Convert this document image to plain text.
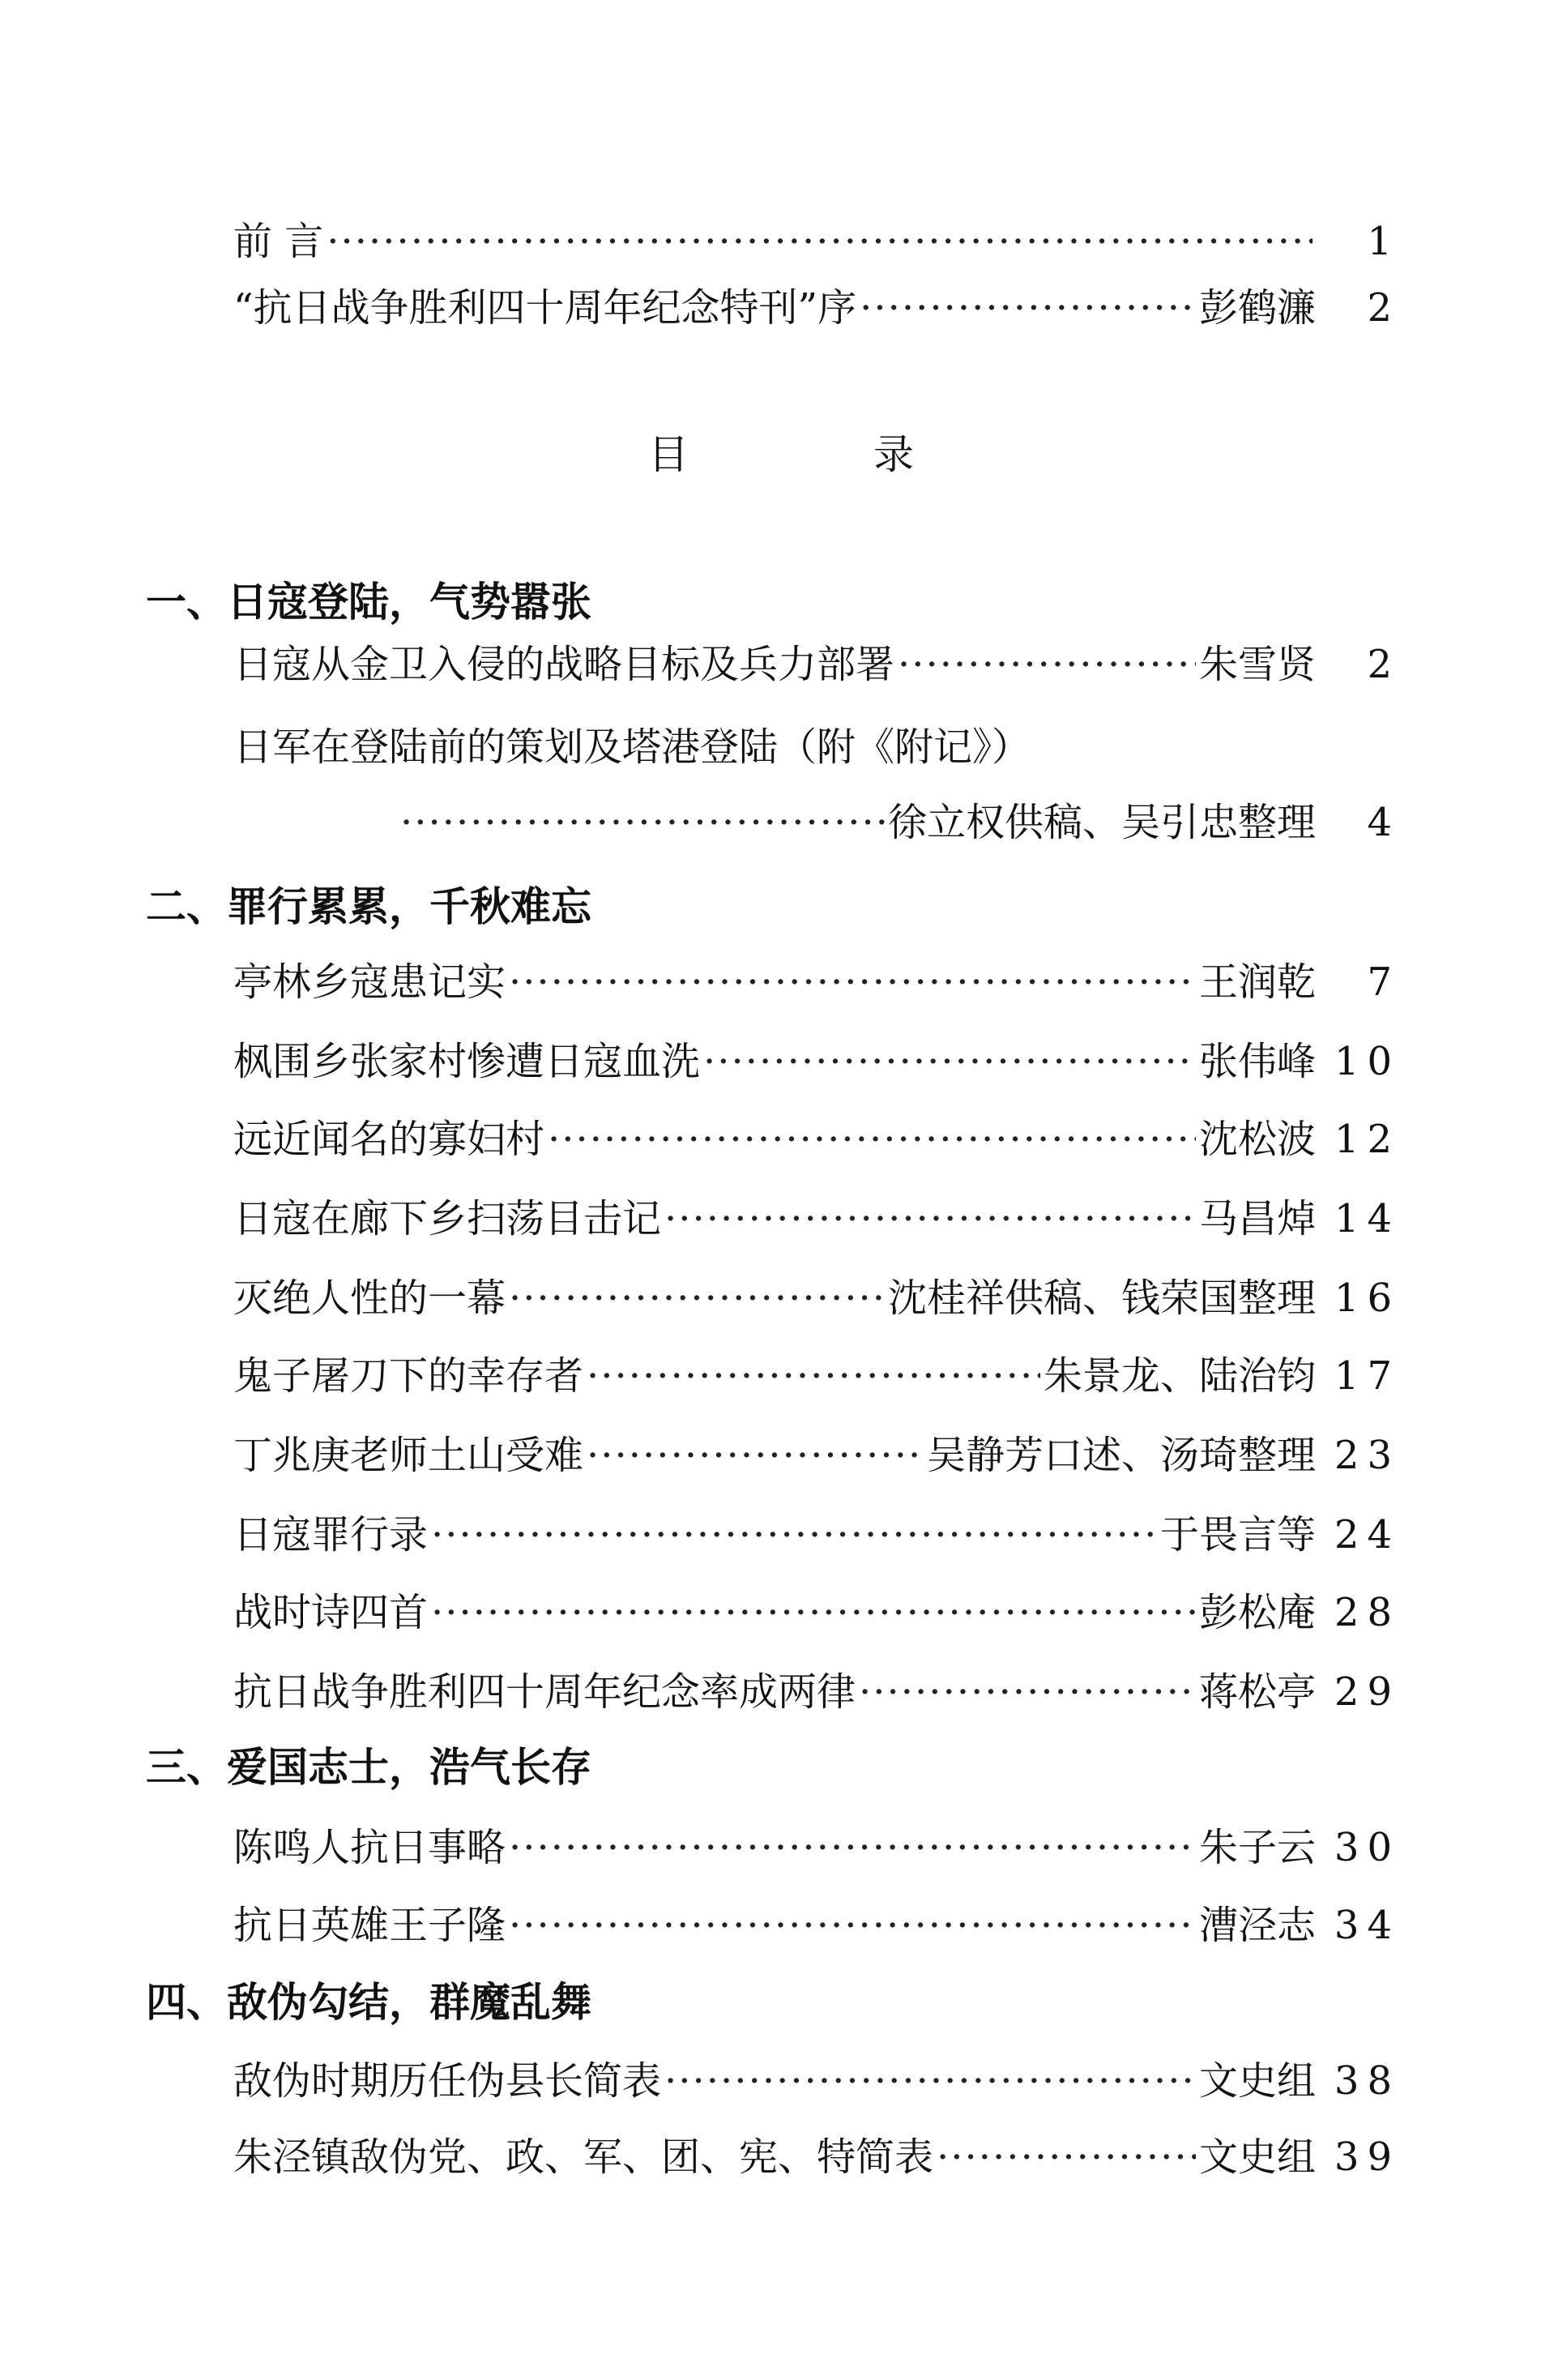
前 言 ·····	1
“抗日战争胜利四十周年纪念特刊”序 ·····	彭鹤濂	2
目	录
一、日寇登陆，气势嚣张
日寇从金卫入侵的战略目标及兵力部署 ·····	朱雪贤	2
日军在登陆前的策划及塔港登陆（附《附记》）
·····
徐立权供稿、吴引忠整理	4
二、罪行累累，千秋难忘
亭林乡寇患记实 ·····	王润乾	7
枫围乡张家村惨遭日寇血洗 ·····	张伟峰 10
远近闻名的寡妇村 ·····	沈松波 12
日寇在廊下乡扫荡目击记 ·····	马昌焯 14
灭绝人性的一幕 ·····	沈桂祥供稿、钱荣国整理 16
鬼子屠刀下的幸存者 ·····	朱景龙、陆治钧 17
丁兆庚老师土山受难 ·····	吴静芳口述、汤琦整理 23
日寇罪行录 ·····	于畏言等 24
战时诗四首 ·····	彭松庵 28
抗日战争胜利四十周年纪念率成两律 ·····	蒋松亭 29
三、爱国志士，浩气长存
陈鸣人抗日事略 ·····	朱子云 30
抗日英雄王子隆 ·····	漕泾志 34
四、敌伪勾结，群魔乱舞
敌伪时期历任伪县长简表 ·····	文史组 38
朱泾镇敌伪党、政、军、团、宪、特简表 ·····	文史组 39
